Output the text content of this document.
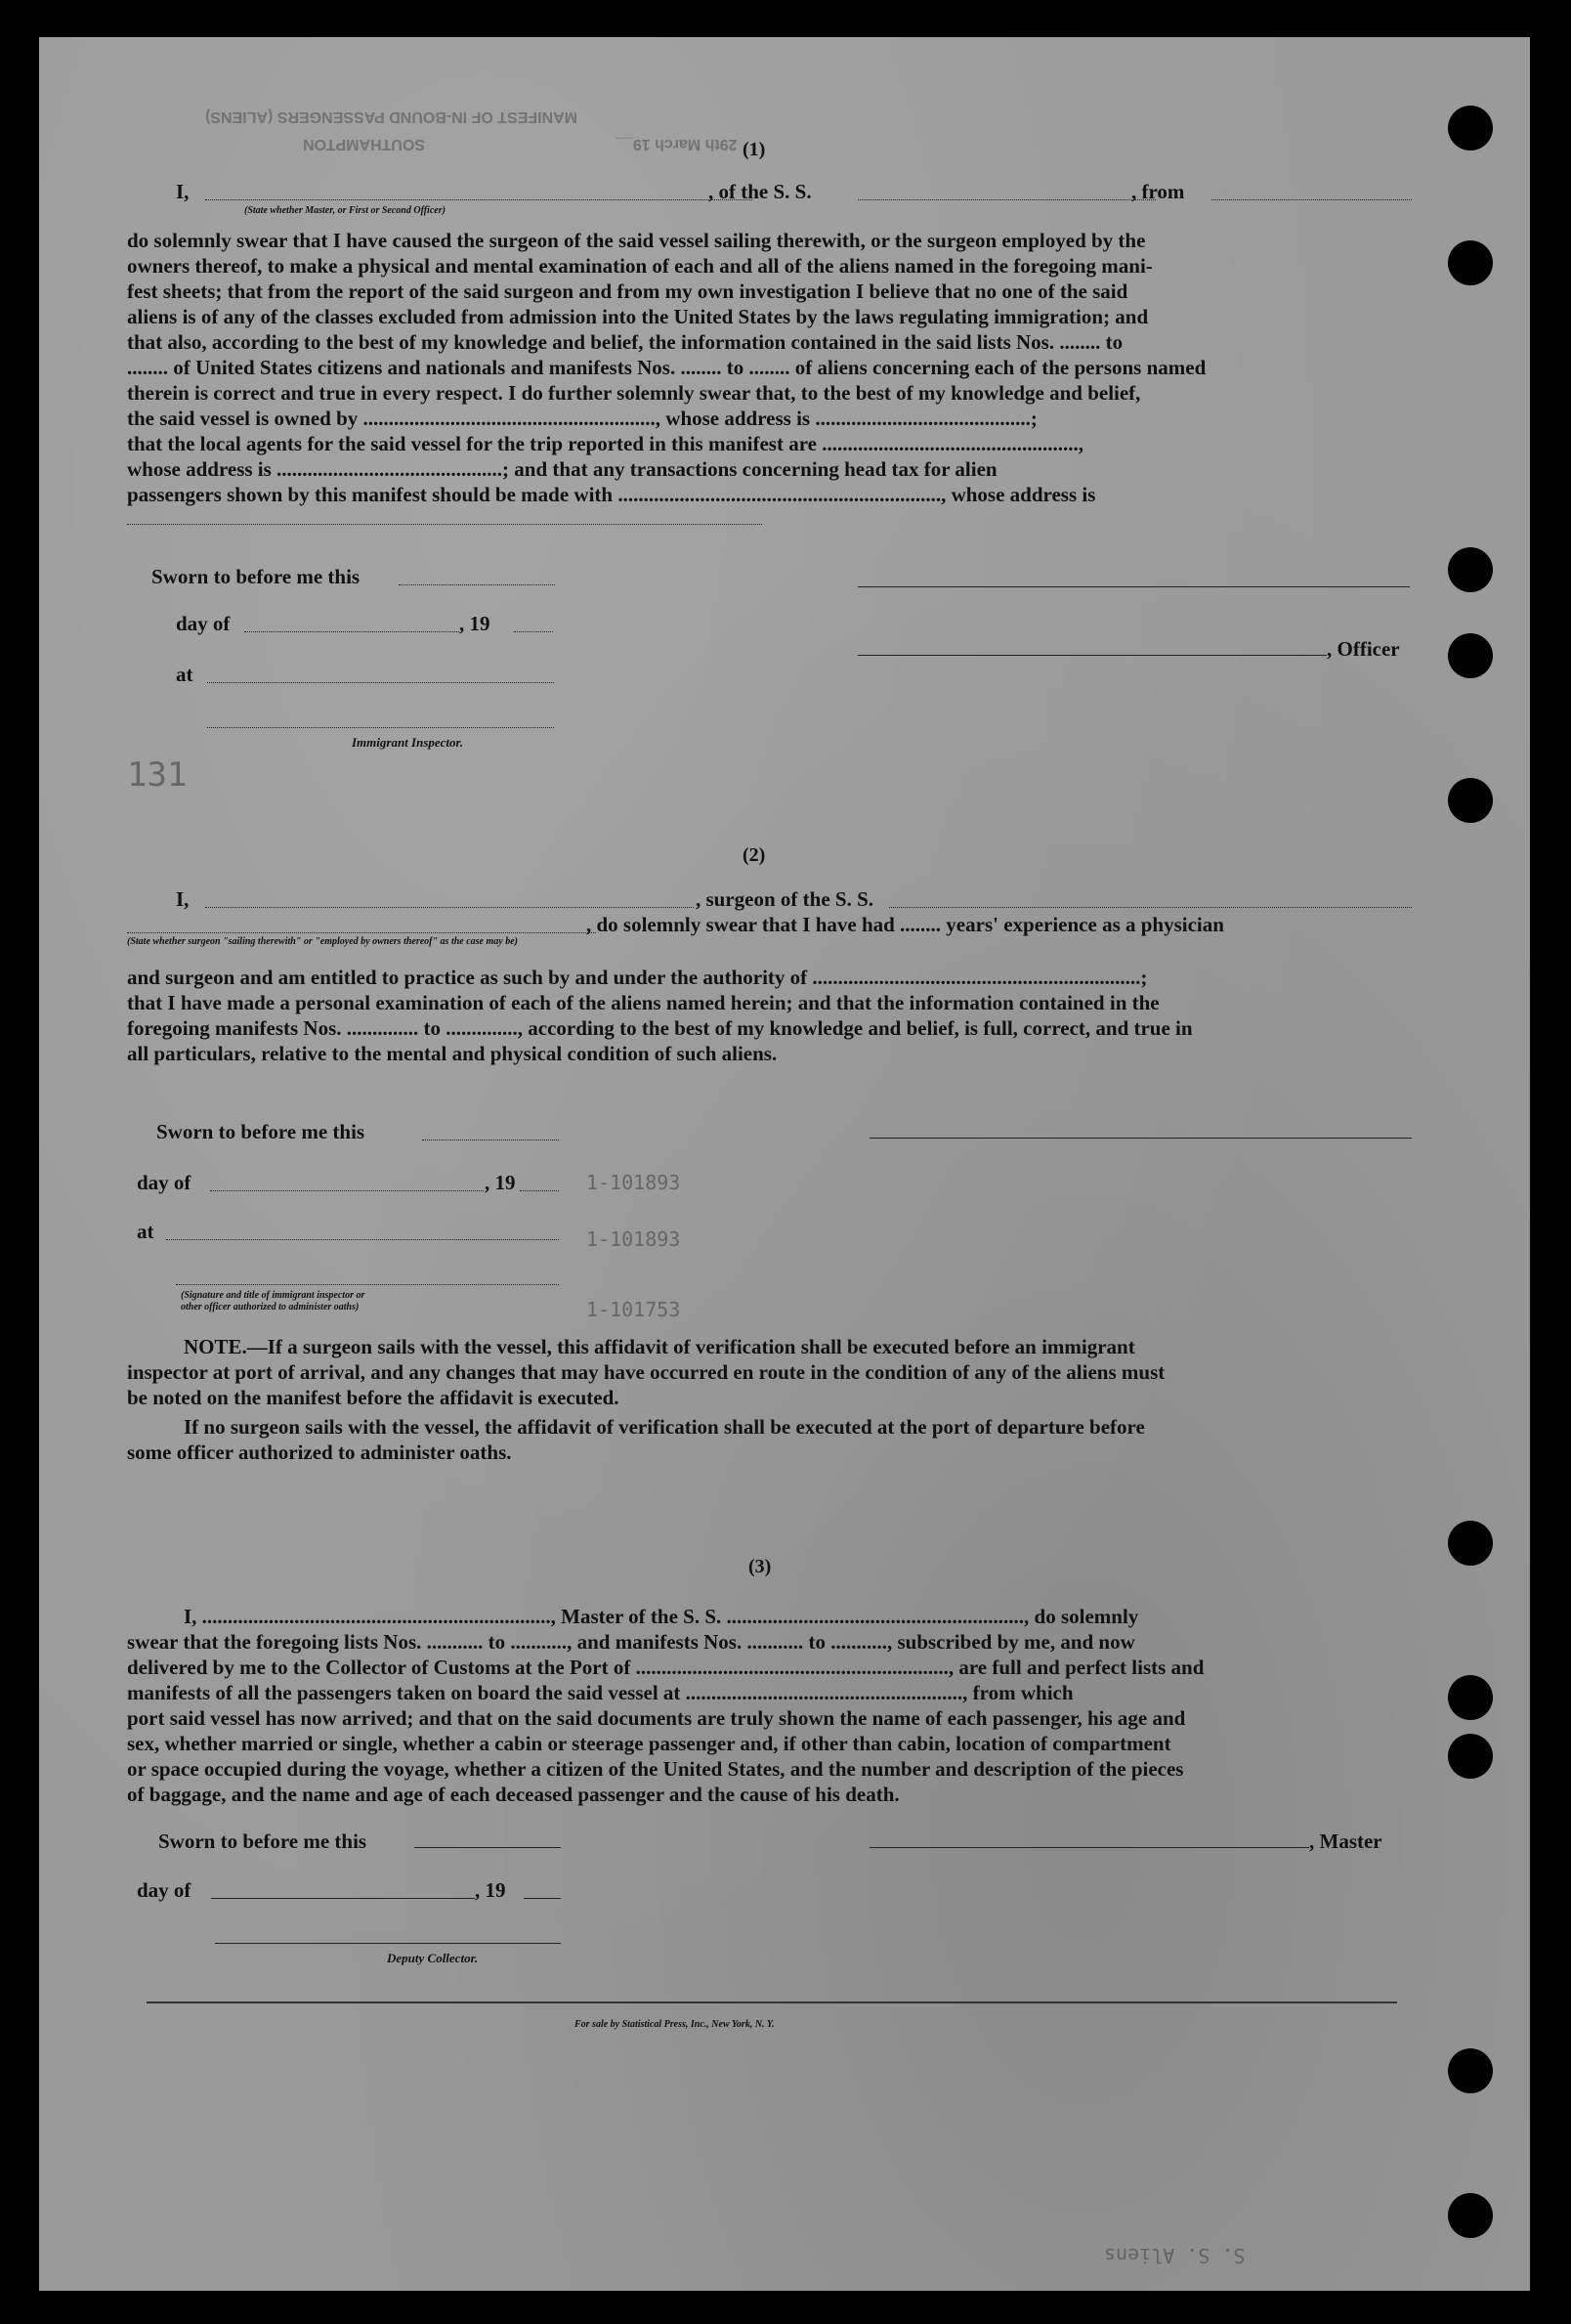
MANIFEST OF IN-BOUND PASSENGERS (ALIENS)
SOUTHAMPTON	29th March 19__ (1)
I,
(State whether Master, or First or Second Officer)
, of the S. S.	, from
do solemnly swear that I have caused the surgeon of the said vessel sailing therewith, or the surgeon employed by the
owners thereof, to make a physical and mental examination of each and all of the aliens named in the foregoing mani-
fest sheets; that from the report of the said surgeon and from my own investigation I believe that no one of the said
aliens is of any of the classes excluded from admission into the United States by the laws regulating immigration; and
that also, according to the best of my knowledge and belief, the information contained in the said lists Nos. ........ to
........ of United States citizens and nationals and manifests Nos. ........ to ........ of aliens concerning each of the persons named
therein is correct and true in every respect. I do further solemnly swear that, to the best of my knowledge and belief,
the said vessel is owned by ........................................................., whose address is ..........................................;
that the local agents for the said vessel for the trip reported in this manifest are ..................................................,
whose address is ............................................; and that any transactions concerning head tax for alien
passengers shown by this manifest should be made with ..............................................................., whose address is
Sworn to before me this
day of	, 19
, Officer
at
Immigrant Inspector.
(2)
I,	, surgeon of the S. S.
, do solemnly swear that I have had ........ years' experience as a physician
(State whether surgeon "sailing therewith" or "employed by owners thereof" as the case may be)
and surgeon and am entitled to practice as such by and under the authority of ................................................................;
that I have made a personal examination of each of the aliens named herein; and that the information contained in the
foregoing manifests Nos. .............. to .............., according to the best of my knowledge and belief, is full, correct, and true in
all particulars, relative to the mental and physical condition of such aliens.
Sworn to before me this
day of	, 19
at
(Signature and title of immigrant inspector or
other officer authorized to administer oaths)
NOTE.—If a surgeon sails with the vessel, this affidavit of verification shall be executed before an immigrant
inspector at port of arrival, and any changes that may have occurred en route in the condition of any of the aliens must
be noted on the manifest before the affidavit is executed.
If no surgeon sails with the vessel, the affidavit of verification shall be executed at the port of departure before
some officer authorized to administer oaths.
(3)
I, ...................................................................., Master of the S. S. .........................................................., do solemnly
swear that the foregoing lists Nos. ........... to ..........., and manifests Nos. ........... to ..........., subscribed by me, and now
delivered by me to the Collector of Customs at the Port of ............................................................., are full and perfect lists and
manifests of all the passengers taken on board the said vessel at ......................................................, from which
port said vessel has now arrived; and that on the said documents are truly shown the name of each passenger, his age and
sex, whether married or single, whether a cabin or steerage passenger and, if other than cabin, location of compartment
or space occupied during the voyage, whether a citizen of the United States, and the number and description of the pieces
of baggage, and the name and age of each deceased passenger and the cause of his death.
Sworn to before me this	, Master
day of	, 19
Deputy Collector.
For sale by Statistical Press, Inc., New York, N. Y.
131
1-101893
1-101893
1-101753
S. S. Aliens
